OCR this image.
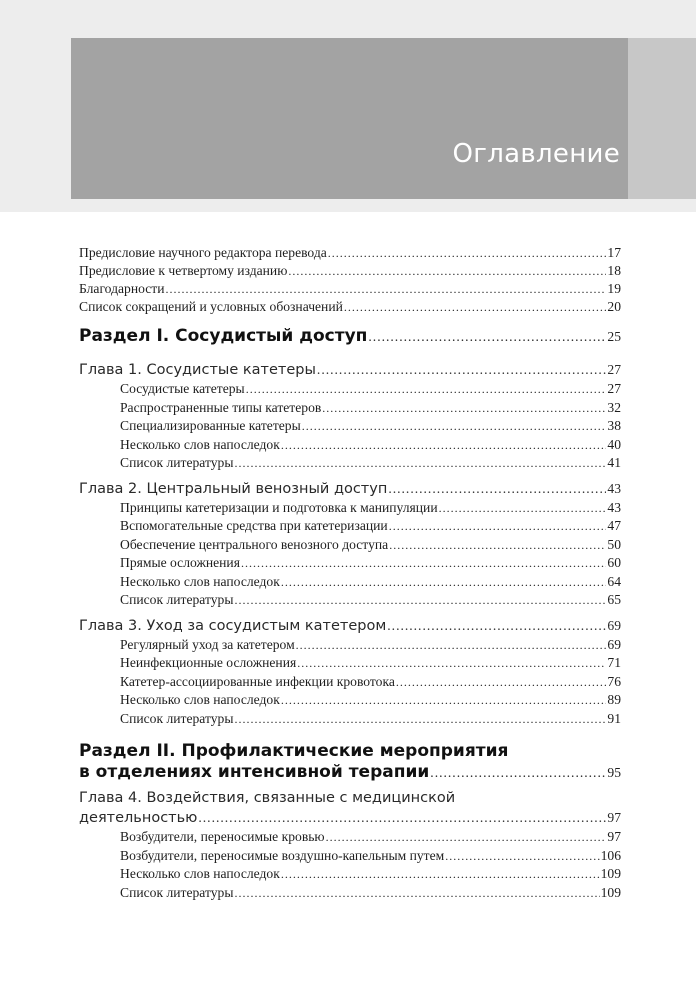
Оглавление
Предисловие научного редактора перевода .....	17
Предисловие к четвертому изданию .....	18
Благодарности .....	19
Список сокращений и условных обозначений .....	20
Раздел I. Сосудистый доступ .....	25
Глава 1. Сосудистые катетеры .....	27
Сосудистые катетеры .....	27
Распространенные типы катетеров .....	32
Специализированные катетеры .....	38
Несколько слов напоследок .....	40
Список литературы .....	41
Глава 2. Центральный венозный доступ .....	43
Принципы катетеризации и подготовка к манипуляции .....	43
Вспомогательные средства при катетеризации .....	47
Обеспечение центрального венозного доступа .....	50
Прямые осложнения .....	60
Несколько слов напоследок .....	64
Список литературы .....	65
Глава 3. Уход за сосудистым катетером .....	69
Регулярный уход за катетером .....	69
Неинфекционные осложнения .....	71
Катетер-ассоциированные инфекции кровотока .....	76
Несколько слов напоследок .....	89
Список литературы .....	91
Раздел II. Профилактические мероприятия
в отделениях интенсивной терапии .....	95
Глава 4. Воздействия, связанные с медицинской
деятельностью .....	97
Возбудители, переносимые кровью .....	97
Возбудители, переносимые воздушно-капельным путем .....	106
Несколько слов напоследок .....	109
Список литературы .....	109
